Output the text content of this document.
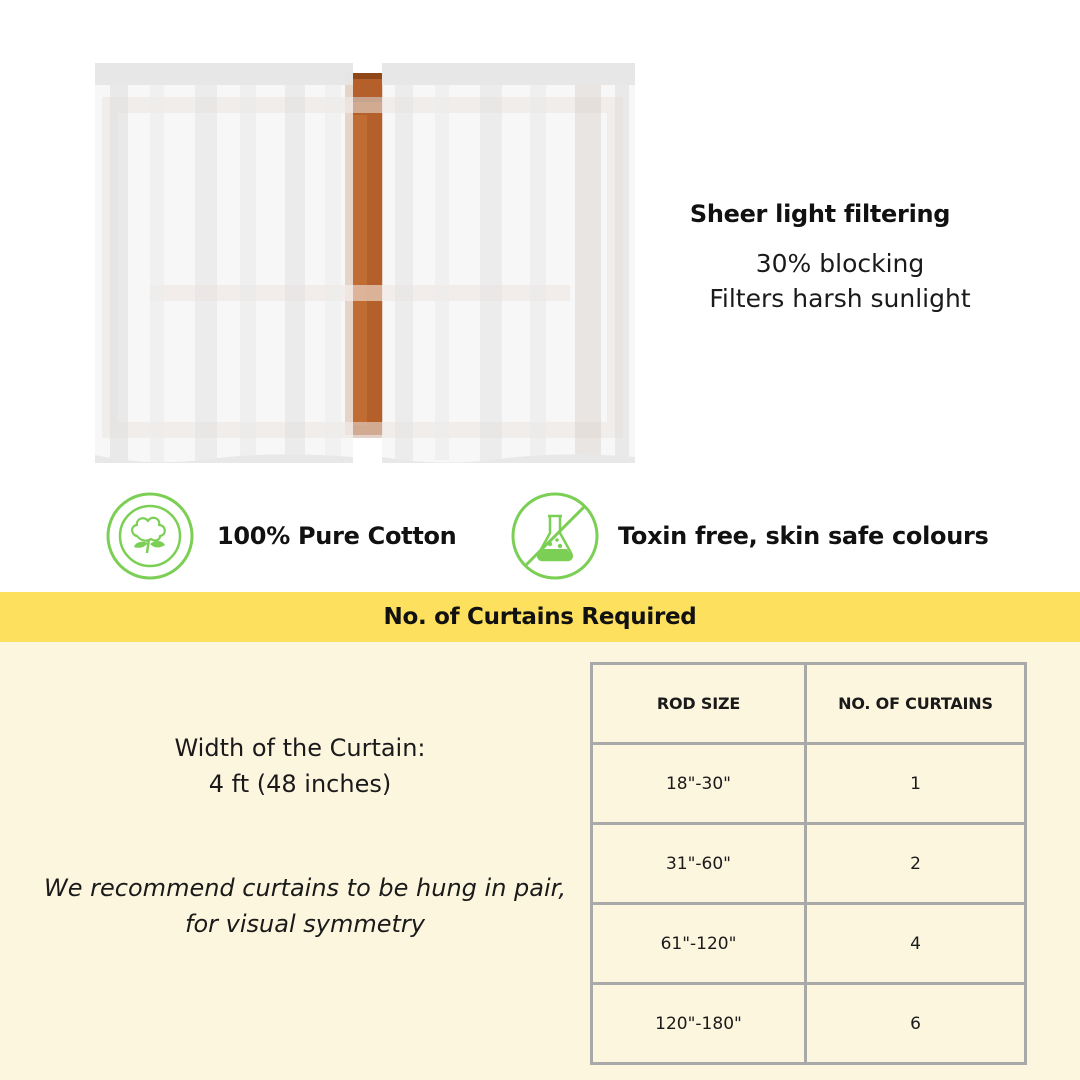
Sheer light filtering
30% blocking
Filters harsh sunlight
100% Pure Cotton	Toxin free, skin safe colours
No. of Curtains Required
Width of the Curtain:
4 ft (48 inches)
We recommend curtains to be hung in pair, for visual symmetry
ROD SIZE	NO. OF CURTAINS
18"-30"	1
31"-60"	2
61"-120"	4
120"-180"	6
